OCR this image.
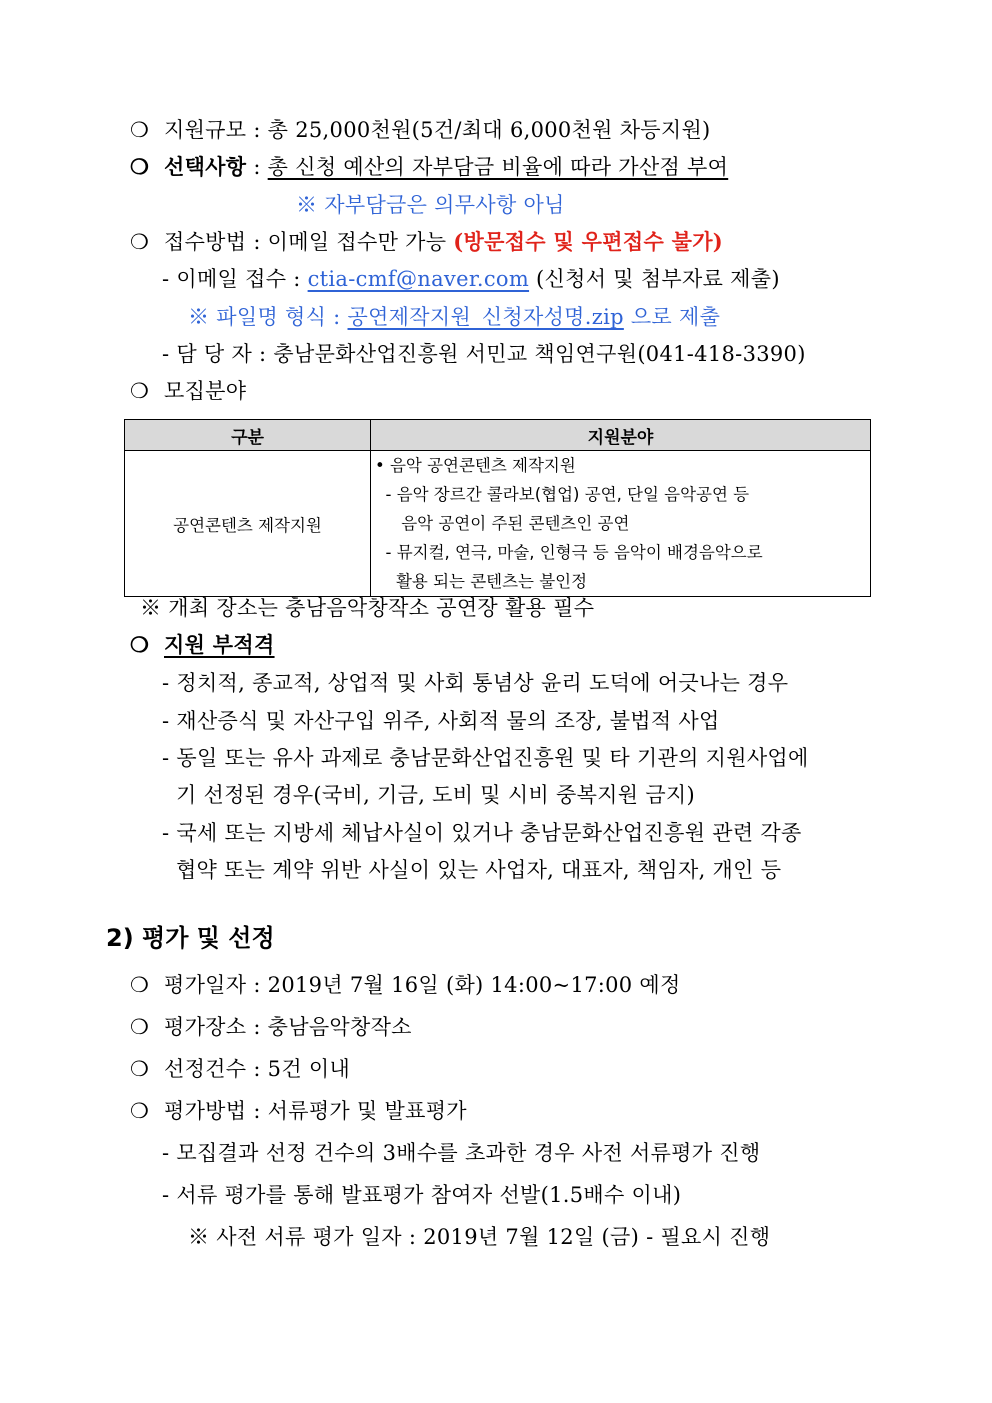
❍ 지원규모 : 총 25,000천원(5건/최대 6,000천원 차등지원)
❍ 선택사항 : 총 신청 예산의 자부담금 비율에 따라 가산점 부여
※ 자부담금은 의무사항 아님
❍ 접수방법 : 이메일 접수만 가능 (방문접수 및 우편접수 불가)
- 이메일 접수 : ctia-cmf@naver.com (신청서 및 첨부자료 제출)
※ 파일명 형식 : 공연제작지원_신청자성명.zip 으로 제출
- 담 당 자 : 충남문화산업진흥원 서민교 책임연구원(041-418-3390)
❍ 모집분야
구분	지원분야
공연콘텐츠 제작지원	• 음악 공연콘텐츠 제작지원
- 음악 장르간 콜라보(협업) 공연, 단일 음악공연 등
음악 공연이 주된 콘텐츠인 공연
- 뮤지컬, 연극, 마술, 인형극 등 음악이 배경음악으로
활용 되는 콘텐츠는 불인정
※ 개최 장소는 충남음악창작소 공연장 활용 필수
❍ 지원 부적격
- 정치적, 종교적, 상업적 및 사회 통념상 윤리 도덕에 어긋나는 경우
- 재산증식 및 자산구입 위주, 사회적 물의 조장, 불법적 사업
- 동일 또는 유사 과제로 충남문화산업진흥원 및 타 기관의 지원사업에
기 선정된 경우(국비, 기금, 도비 및 시비 중복지원 금지)
- 국세 또는 지방세 체납사실이 있거나 충남문화산업진흥원 관련 각종
협약 또는 계약 위반 사실이 있는 사업자, 대표자, 책임자, 개인 등
2) 평가 및 선정
❍ 평가일자 : 2019년 7월 16일 (화) 14:00~17:00 예정
❍ 평가장소 : 충남음악창작소
❍ 선정건수 : 5건 이내
❍ 평가방법 : 서류평가 및 발표평가
- 모집결과 선정 건수의 3배수를 초과한 경우 사전 서류평가 진행
- 서류 평가를 통해 발표평가 참여자 선발(1.5배수 이내)
※ 사전 서류 평가 일자 : 2019년 7월 12일 (금) - 필요시 진행
